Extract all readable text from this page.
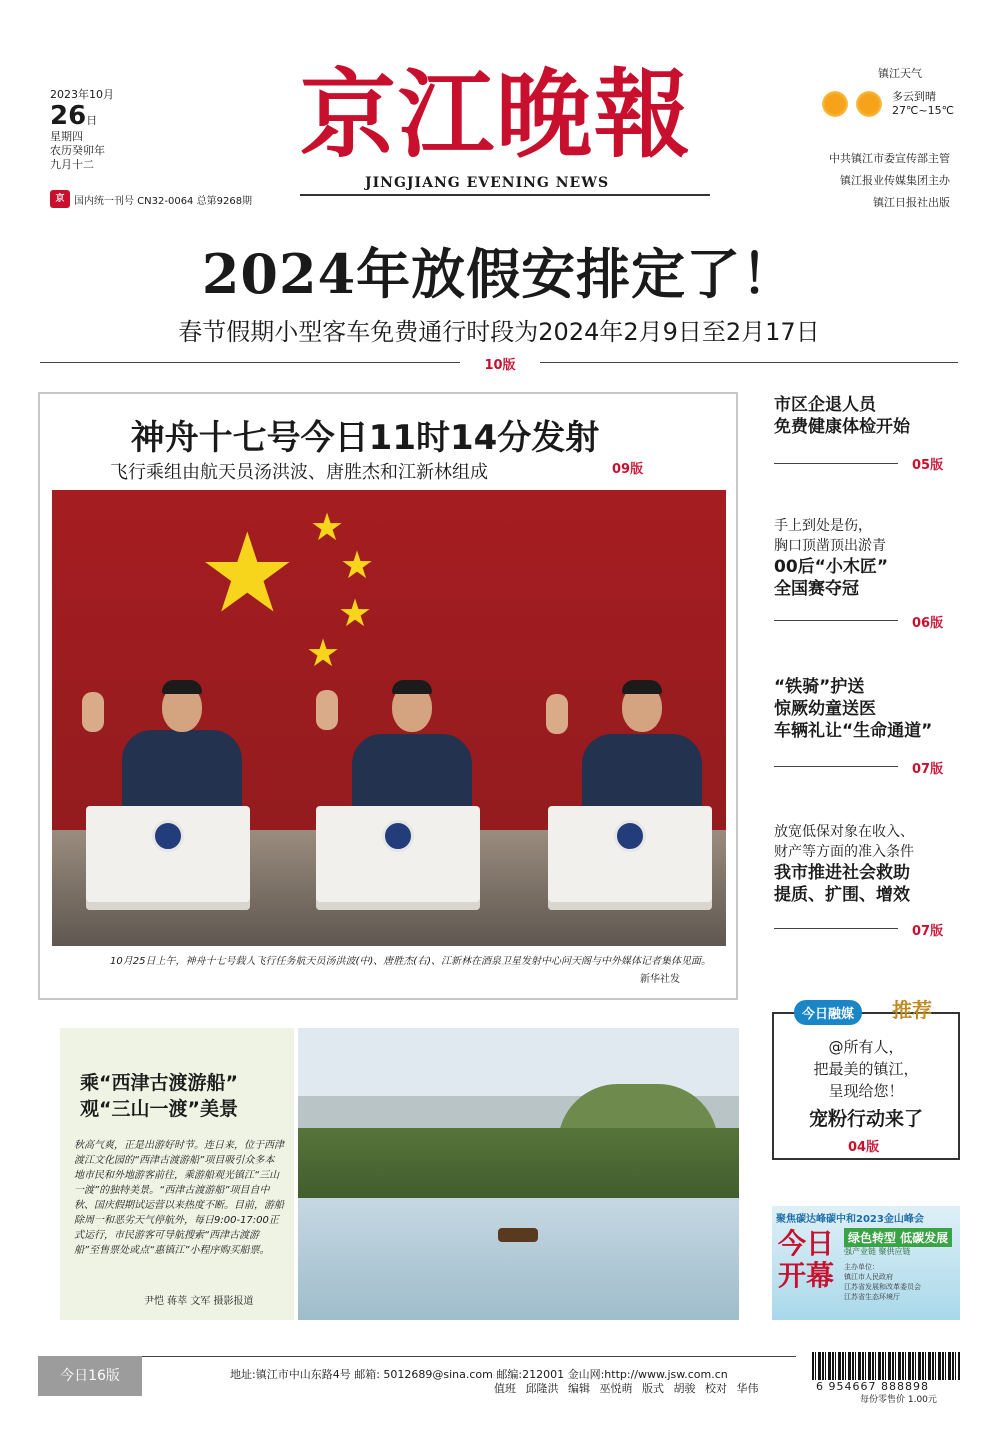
2023年10月
26日
星期四
农历癸卯年
九月十二
京 国内统一刊号 CN32-0064 总第9268期
京江晚報
JINGJIANG EVENING NEWS
镇江天气
多云到晴
27℃~15℃
中共镇江市委宣传部主管
镇江报业传媒集团主办
镇江日报社出版
2024年放假安排定了！
春节假期小型客车免费通行时段为2024年2月9日至2月17日
10版
神舟十七号今日11时14分发射
飞行乘组由航天员汤洪波、唐胜杰和江新林组成	09版
★ ★
★
★
★
10月25日上午，神舟十七号载人飞行任务航天员汤洪波(中)、唐胜杰(右)、江新林在酒泉卫星发射中心问天阁与中外媒体记者集体见面。
新华社发
市区企退人员
免费健康体检开始
05版
手上到处是伤，
胸口顶凿顶出淤青
00后“小木匠”
全国赛夺冠
06版
“铁骑”护送
惊厥幼童送医
车辆礼让“生命通道”
07版
放宽低保对象在收入、
财产等方面的准入条件
我市推进社会救助
提质、扩围、增效
07版
今日融媒	推荐
@所有人，
把最美的镇江，
呈现给您！
宠粉行动来了
04版
聚焦碳达峰碳中和2023金山峰会
今日
开幕
绿色转型 低碳发展
强产业链 聚供应链
主办单位：
镇江市人民政府
江苏省发展和改革委员会
江苏省生态环境厅
乘“西津古渡游船”
观“三山一渡”美景
秋高气爽，正是出游好时节。连日来，位于西津渡江文化园的“西津古渡游船”项目吸引众多本地市民和外地游客前往，乘游船观光镇江“三山一渡”的独特美景。“西津古渡游船”项目自中秋、国庆假期试运营以来热度不断。目前，游船除周一和恶劣天气停航外，每日9:00-17:00正式运行，市民游客可导航搜索“西津古渡游船”至售票处或点“惠镇江”小程序购买船票。
尹恺 蒋萃 文军 摄影报道
今日16版	地址:镇江市中山东路4号 邮箱: 5012689@sina.com 邮编:212001 金山网:http://www.jsw.com.cn
值班 邱隆洪 编辑 巫悦萌 版式 胡骏 校对 华伟	6 954667 888898
每份零售价 1.00元
